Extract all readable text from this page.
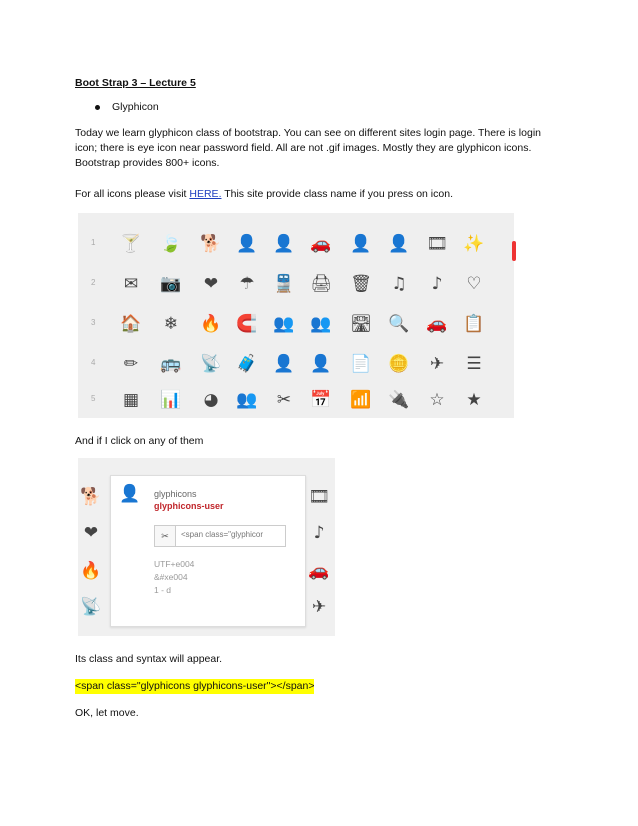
Boot Strap 3 – Lecture 5
Glyphicon
Today we learn glyphicon class of bootstrap. You can see on different sites login page. There is login icon; there is eye icon near password field. All are not .gif images. Mostly they are glyphicon icons. Bootstrap provides 800+ icons.
For all icons please visit HERE. This site provide class name if you press on icon.
And if I click on any of them
Its class and syntax will appear.
<span class="glyphicons glyphicons-user"></span>
OK, let move.
1 🍸 🍃 🐕 👤 👤 🚗 👤 👤 🎞 ✨
2 ✉ 📷 ❤ ☂ 🚆 🖨 🗑 ♫	♪	♡
3 🏠 ❄ 🔥 🧲 👥 👥 🛣 🔍 🚗 📋
4 ✏ 🚌 📡 🧳 👤 👤 📄 🪙 ✈ ☰
5 ▦ 📊 ◕ 👥 ✂ 📅 📶 🔌 ☆ ★
🐕
❤
🔥
📡
🎞
♪
🚗
✈
👤 glyphicons
glyphicons-user
✂	<span class="glyphicor
UTF+e004
&#xe004
1 - d
